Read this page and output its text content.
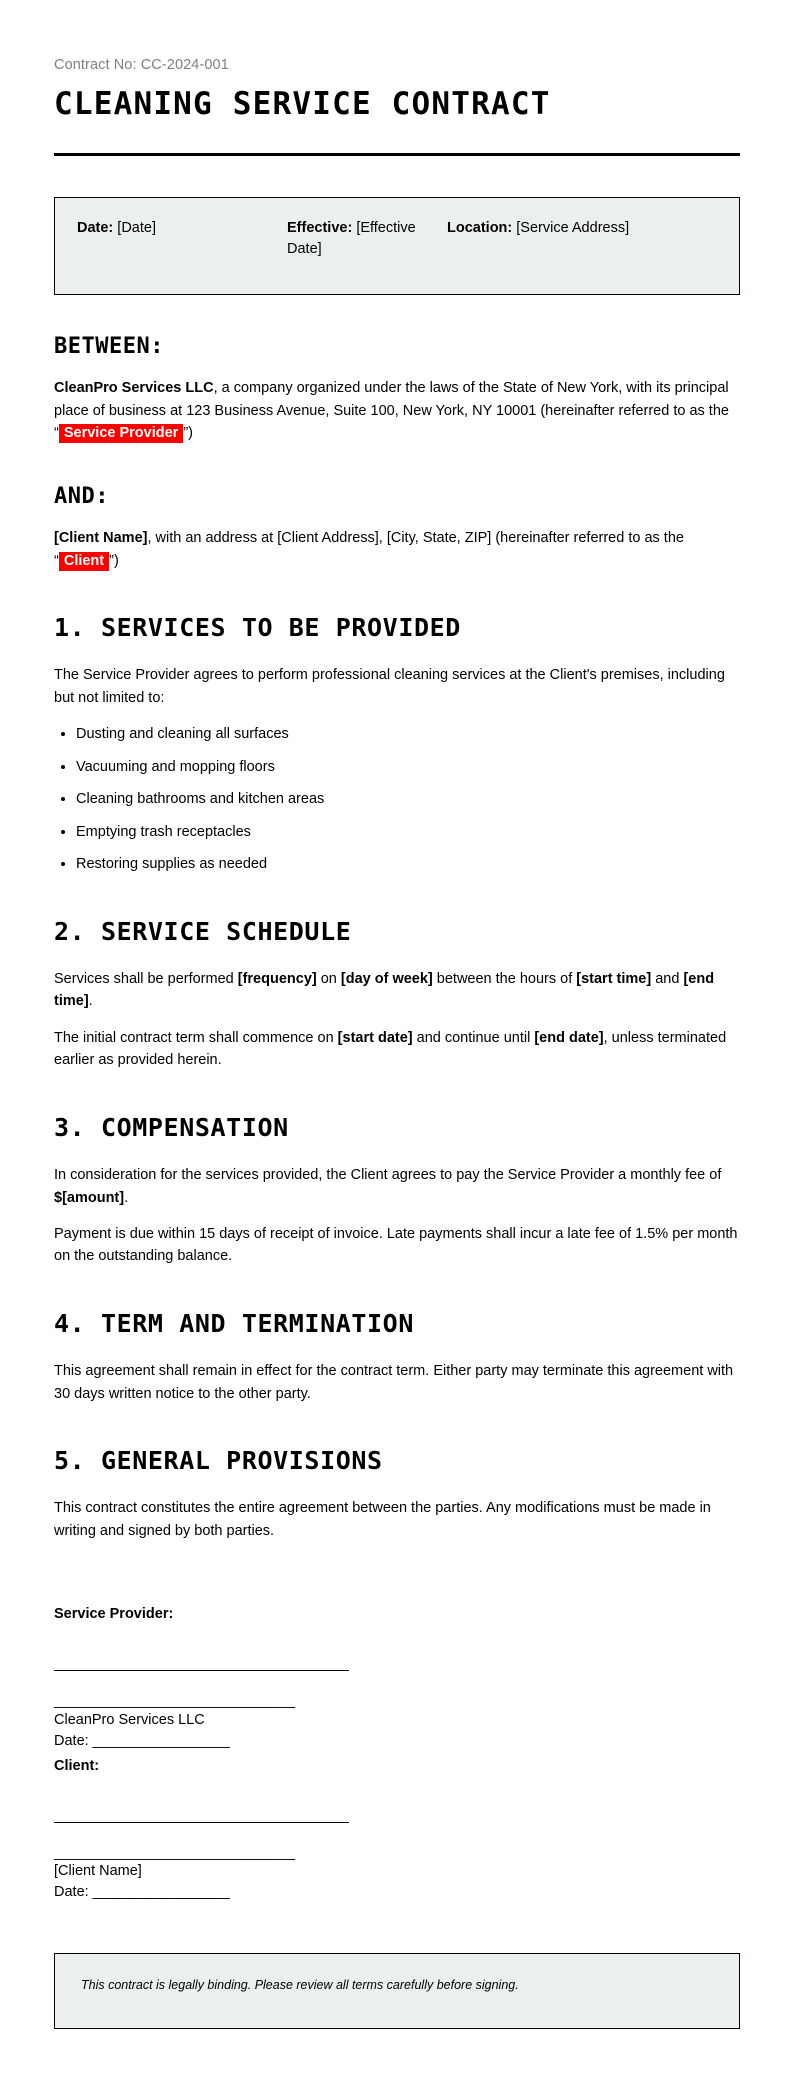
Contract No: CC-2024-001
CLEANING SERVICE CONTRACT
Date: [Date]	Effective: [Effective Date]
Location: [Service Address]
BETWEEN:

CleanPro Services LLC, a company organized under the laws of the State of New York, with its principal place of business at 123 Business Avenue, Suite 100, New York, NY 10001 (hereinafter referred to as the “ Service Provider ”)

AND:

[Client Name], with an address at [Client Address], [City, State, ZIP] (hereinafter referred to as the “ Client ”)

1. SERVICES TO BE PROVIDED

The Service Provider agrees to perform professional cleaning services at the Client's premises, including but not limited to:

• Dusting and cleaning all surfaces
• Vacuuming and mopping floors
• Cleaning bathrooms and kitchen areas
• Emptying trash receptacles
• Restoring supplies as needed
2. SERVICE SCHEDULE

Services shall be performed [frequency] on [day of week] between the hours of [start time] and [end time].

The initial contract term shall commence on [start date] and continue until [end date], unless terminated earlier as provided herein.

3. COMPENSATION

In consideration for the services provided, the Client agrees to pay the Service Provider a monthly fee of $[amount].

Payment is due within 15 days of receipt of invoice. Late payments shall incur a late fee of 1.5% per month on the outstanding balance.

4. TERM AND TERMINATION

This agreement shall remain in effect for the contract term. Either party may terminate this agreement with 30 days written notice to the other party.

5. GENERAL PROVISIONS

This contract constitutes the entire agreement between the parties. Any modifications must be made in writing and signed by both parties.

Service Provider:

_______________________________

CleanPro Services LLC

Date: _________________

Client:

_______________________________

[Client Name]

Date: _________________

This contract is legally binding. Please review all terms carefully before signing.
